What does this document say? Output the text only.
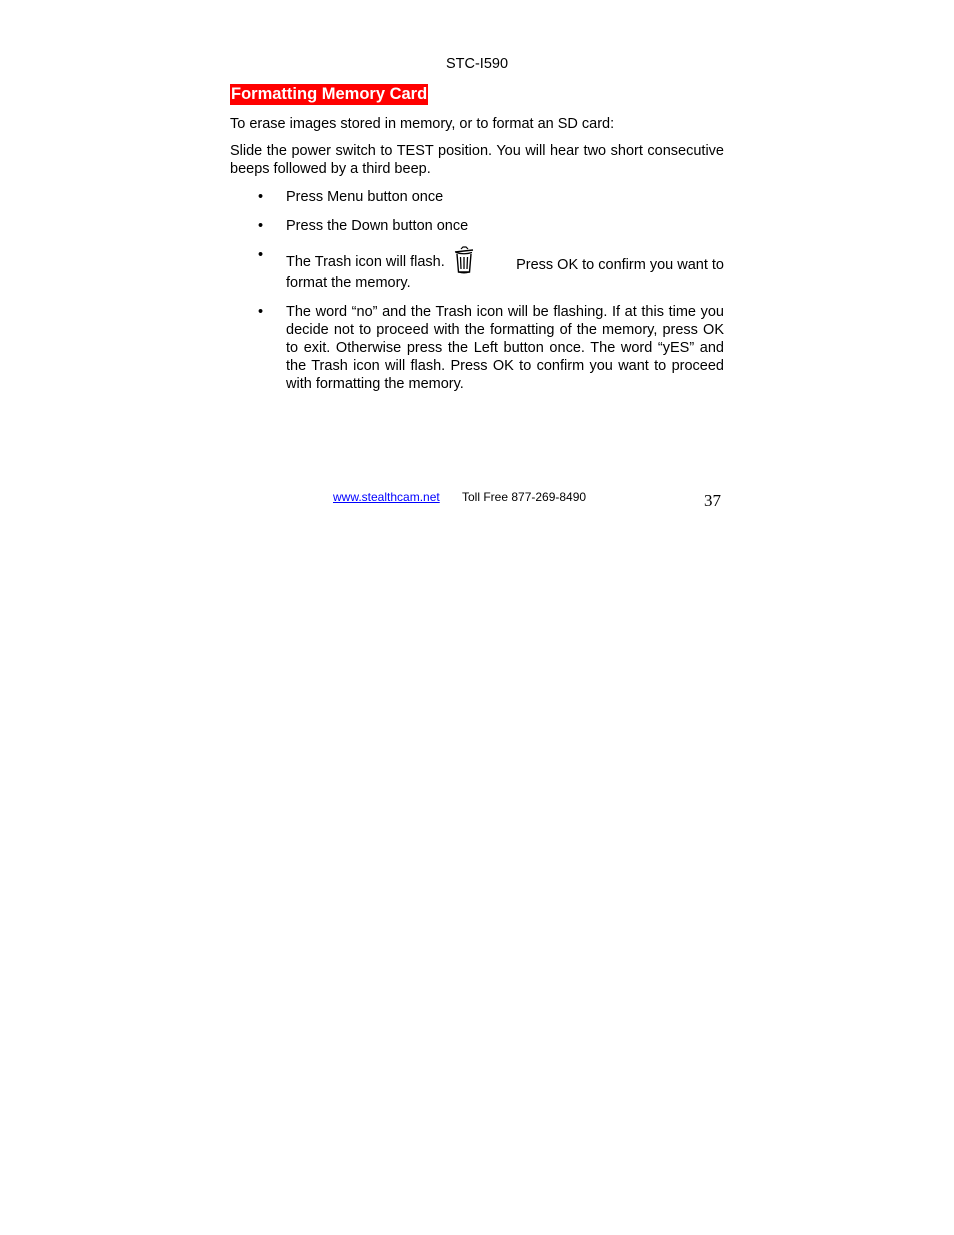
STC-I590
Formatting Memory Card

To erase images stored in memory, or to format an SD card:

Slide the power switch to TEST position. You will hear two short consecutive beeps followed by a third beep.

•	Press Menu button once
•	Press the Down button once
•	The Trash icon will flash.	Press OK to confirm you want to
format the memory.
•	The word “no” and the Trash icon will be flashing. If at this time you decide not to proceed with the formatting of the memory, press OK to exit. Otherwise press the Left button once. The word “yES” and the Trash icon will flash. Press OK to confirm you want to proceed with formatting the memory.
www.stealthcam.net Toll Free 877-269-8490	37
